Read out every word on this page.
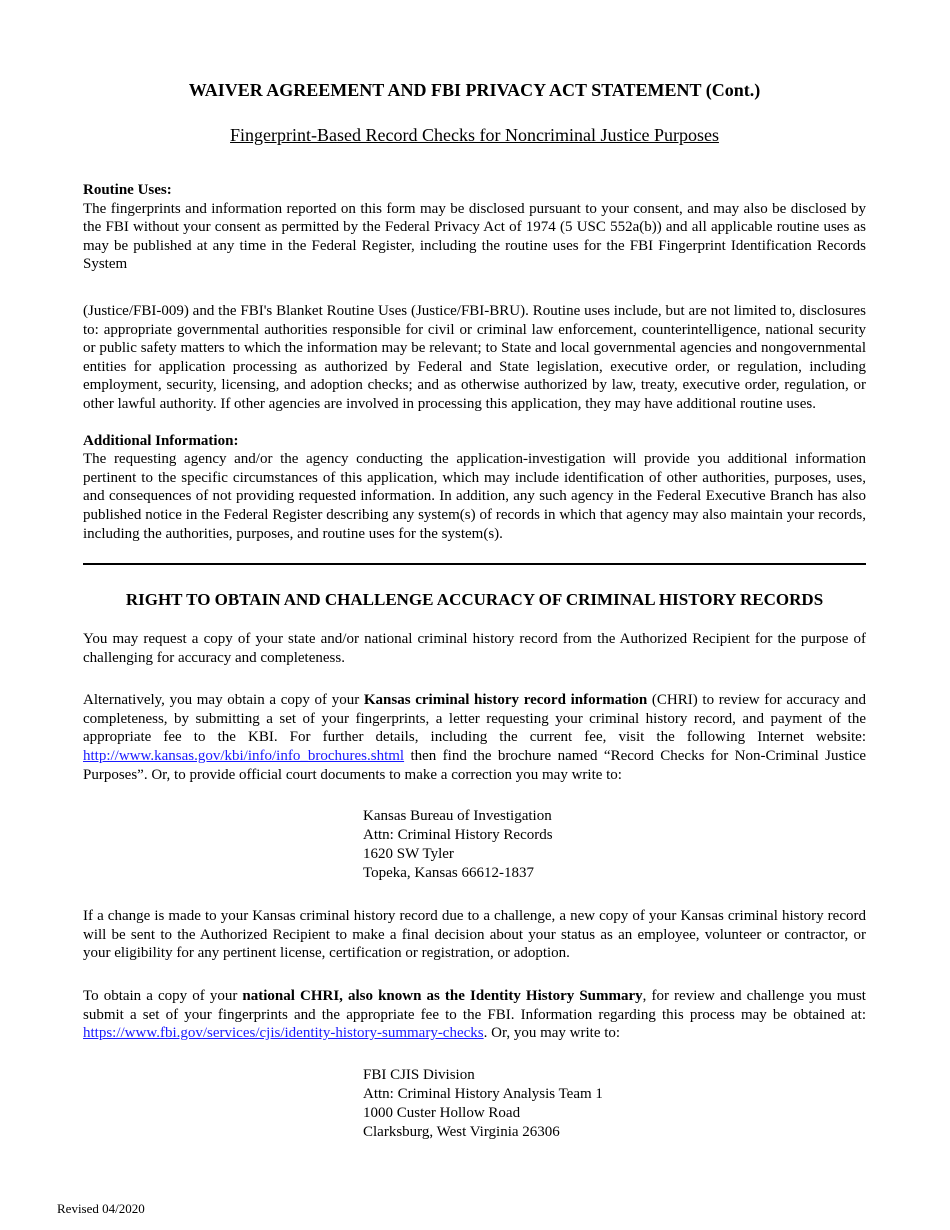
WAIVER AGREEMENT AND FBI PRIVACY ACT STATEMENT (Cont.)

Fingerprint-Based Record Checks for Noncriminal Justice Purposes

Routine Uses:

The fingerprints and information reported on this form may be disclosed pursuant to your consent, and may also be disclosed by the FBI without your consent as permitted by the Federal Privacy Act of 1974 (5 USC 552a(b)) and all applicable routine uses as may be published at any time in the Federal Register, including the routine uses for the FBI Fingerprint Identification Records System

(Justice/FBI-009) and the FBI's Blanket Routine Uses (Justice/FBI-BRU). Routine uses include, but are not limited to, disclosures to: appropriate governmental authorities responsible for civil or criminal law enforcement, counterintelligence, national security or public safety matters to which the information may be relevant; to State and local governmental agencies and nongovernmental entities for application processing as authorized by Federal and State legislation, executive order, or regulation, including employment, security, licensing, and adoption checks; and as otherwise authorized by law, treaty, executive order, regulation, or other lawful authority. If other agencies are involved in processing this application, they may have additional routine uses.

Additional Information:

The requesting agency and/or the agency conducting the application-investigation will provide you additional information pertinent to the specific circumstances of this application, which may include identification of other authorities, purposes, uses, and consequences of not providing requested information. In addition, any such agency in the Federal Executive Branch has also published notice in the Federal Register describing any system(s) of records in which that agency may also maintain your records, including the authorities, purposes, and routine uses for the system(s).

RIGHT TO OBTAIN AND CHALLENGE ACCURACY OF CRIMINAL HISTORY RECORDS

You may request a copy of your state and/or national criminal history record from the Authorized Recipient for the purpose of challenging for accuracy and completeness.

Alternatively, you may obtain a copy of your Kansas criminal history record information (CHRI) to review for accuracy and completeness, by submitting a set of your fingerprints, a letter requesting your criminal history record, and payment of the appropriate fee to the KBI. For further details, including the current fee, visit the following Internet website: http://www.kansas.gov/kbi/info/info_brochures.shtml then find the brochure named “Record Checks for Non-Criminal Justice Purposes”. Or, to provide official court documents to make a correction you may write to:

Kansas Bureau of Investigation
Attn: Criminal History Records
1620 SW Tyler
Topeka, Kansas 66612-1837

If a change is made to your Kansas criminal history record due to a challenge, a new copy of your Kansas criminal history record will be sent to the Authorized Recipient to make a final decision about your status as an employee, volunteer or contractor, or your eligibility for any pertinent license, certification or registration, or adoption.

To obtain a copy of your national CHRI, also known as the Identity History Summary, for review and challenge you must submit a set of your fingerprints and the appropriate fee to the FBI. Information regarding this process may be obtained at: https://www.fbi.gov/services/cjis/identity-history-summary-checks. Or, you may write to:

FBI CJIS Division
Attn: Criminal History Analysis Team 1
1000 Custer Hollow Road
Clarksburg, West Virginia 26306
Revised 04/2020
